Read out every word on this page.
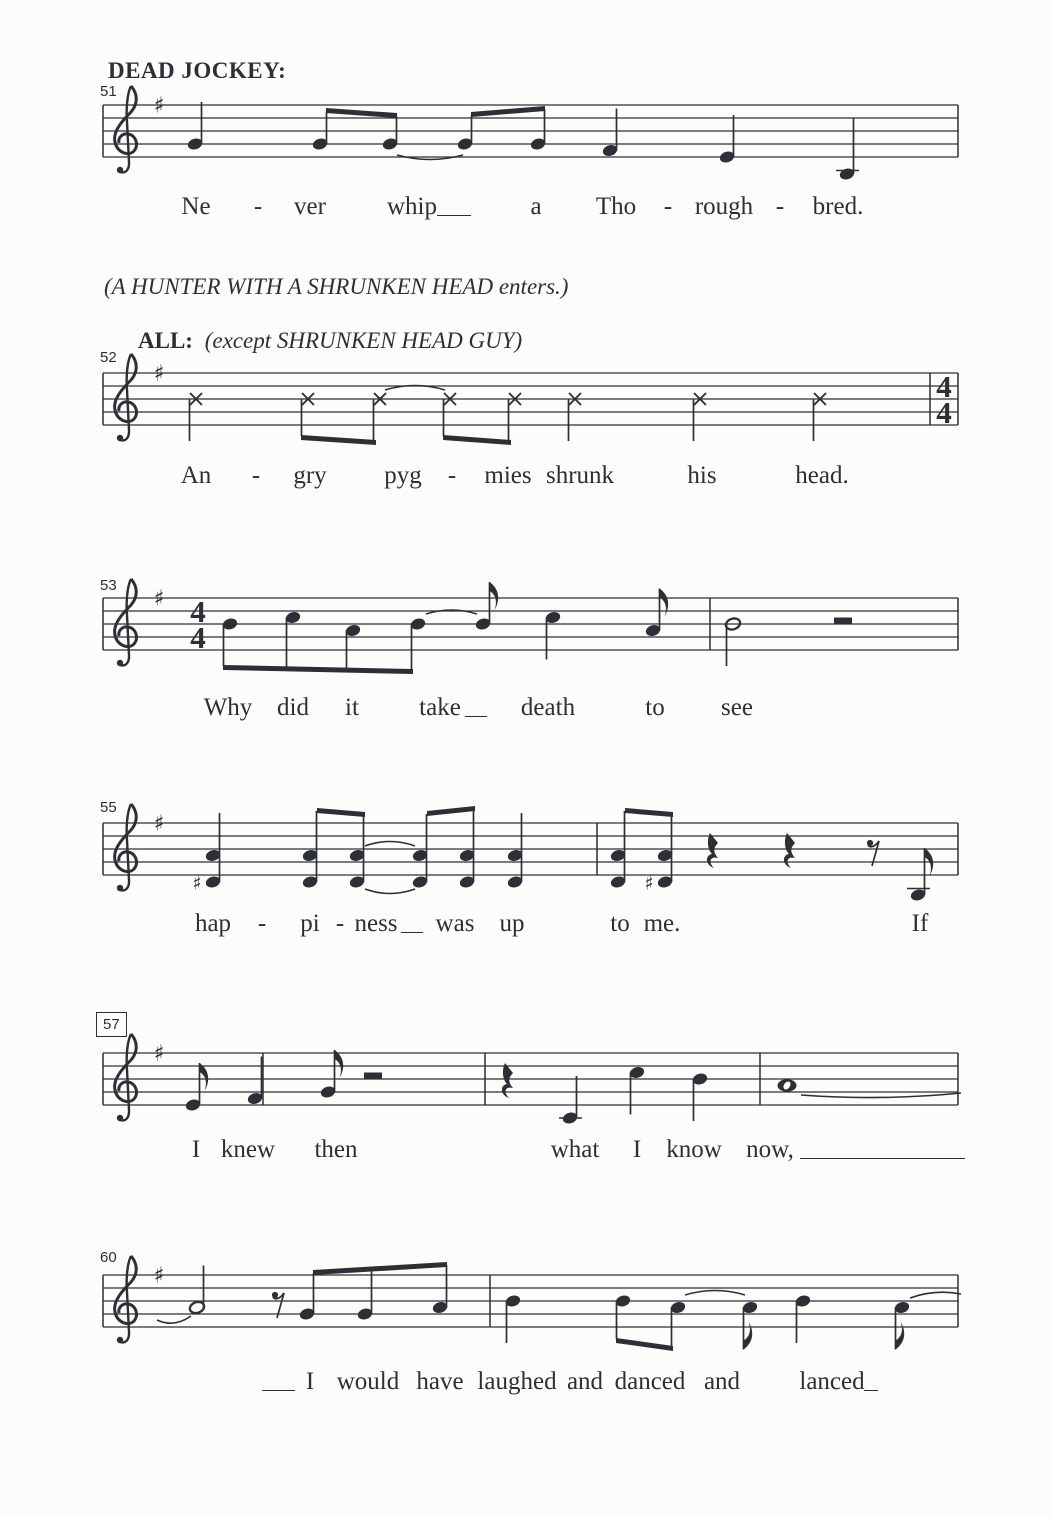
DEAD JOCKEY:
(A HUNTER WITH A SHRUNKEN HEAD enters.)
ALL: (except SHRUNKEN HEAD GUY)
♯
51
Ne - ver whip	a Tho - rough - bred.
♯	4
4
52
An - gry pyg - mies shrunk	his	head.
♯ 4
4
53
Why did it take death	to see
♯
♯	♯
55
hap - pi - ness was up	to me.	If
♯
57
I knew then	what I know now,
♯
60
I would have laughed and danced and lanced
